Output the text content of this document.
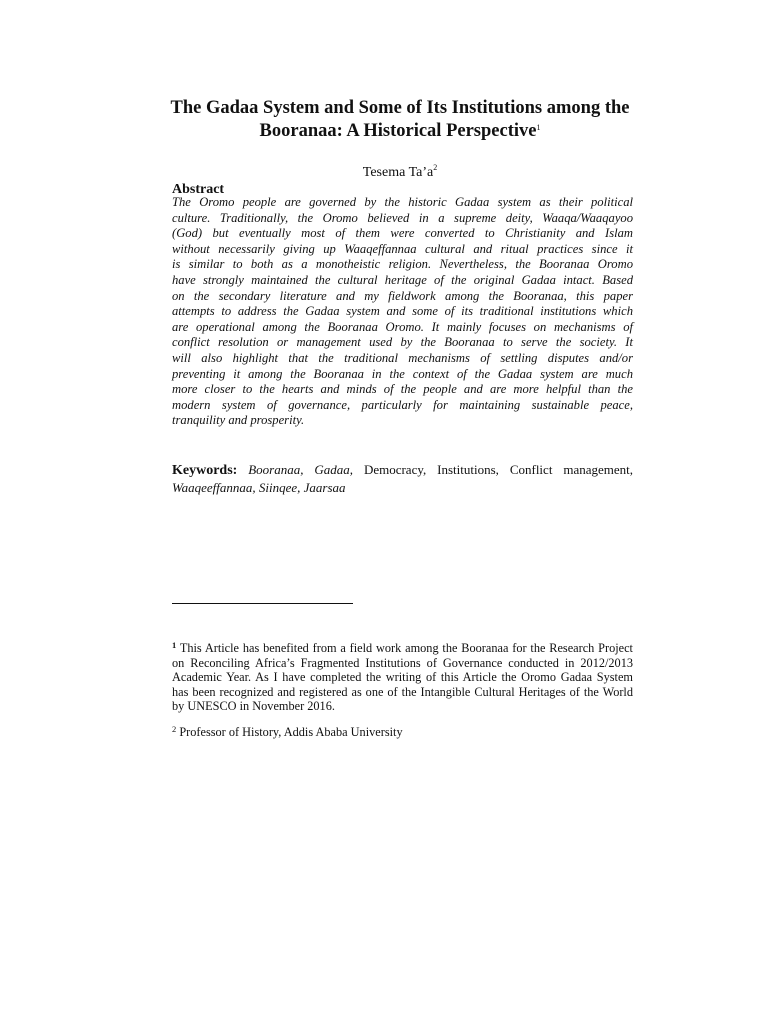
The Gadaa System and Some of Its Institutions among the
Booranaa: A Historical Perspective$^1$
Tesema $Ta’a^2$
Abstract

The Oromo people are governed by the historic Gadaa system as their political
culture. Traditionally, the Oromo believed in a supreme deity, Waaqa/Waaqayoo
(God) but eventually most of them were converted to Christianity and Islam
without necessarily giving up Waaqeffannaa cultural and ritual practices since it
is similar to both as a monotheistic religion. Nevertheless, the Booranaa Oromo
have strongly maintained the cultural heritage of the original Gadaa intact. Based
on the secondary literature and my fieldwork among the Booranaa, this paper
attempts to address the Gadaa system and some of its traditional institutions which
are operational among the Booranaa Oromo. It mainly focuses on mechanisms of
conflict resolution or management used by the Booranaa to serve the society. It
will also highlight that the traditional mechanisms of settling disputes and/or
preventing it among the Booranaa in the context of the Gadaa system are much
more closer to the hearts and minds of the people and are more helpful than the
modern system of governance, particularly for maintaining sustainable peace,
tranquility and prosperity.

Keywords: Booranaa, Gadaa, Democracy, Institutions, Conflict management,
Waaqeeffannaa, Siinqee, Jaarsaa
$^1$ This Article has benefited from a field work among the Booranaa for the Research Project
on Reconciling Africa’s Fragmented Institutions of Governance conducted in 2012/2013
Academic Year. As I have completed the writing of this Article the Oromo Gadaa System
has been recognized and registered as one of the Intangible Cultural Heritages of the World
by UNESCO in November 2016.
$^2$ Professor of History, Addis Ababa University
